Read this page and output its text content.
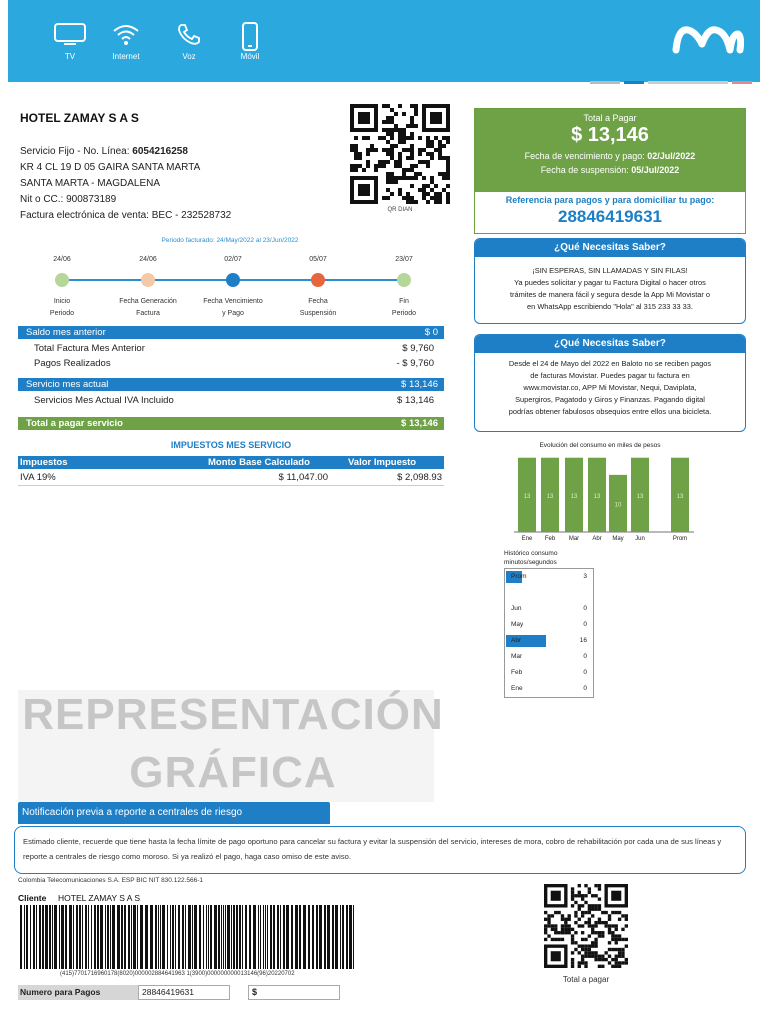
TV	Internet	Voz	Móvil
HOTEL ZAMAY S A S
Servicio Fijo - No. Línea: 6054216258
KR 4 CL 19 D 05 GAIRA SANTA MARTA
SANTA MARTA - MAGDALENA
Nit o CC.: 900873189
Factura electrónica de venta: BEC - 232528732	QR DIAN
Total a Pagar
$ 13,146
Fecha de vencimiento y pago: 02/Jul/2022
Fecha de suspensión: 05/Jul/2022
Referencia para pagos y para domiciliar tu pago:
28846419631
Periodo facturado: 24/May/2022 al 23/Jun/2022
24/06
Inicio
Periodo
24/06
Fecha Generación
Factura
02/07
Fecha Vencimiento
y Pago
05/07
Fecha
Suspensión
23/07
Fin
Periodo
Saldo mes anterior	$ 0
Total Factura Mes Anterior	$ 9,760
Pagos Realizados	- $ 9,760
Servicio mes actual	$ 13,146
Servicios Mes Actual IVA Incluido	$ 13,146
Total a pagar servicio	$ 13,146
IMPUESTOS MES SERVICIO
Impuestos	Monto Base Calculado	Valor Impuesto
IVA 19%	$ 11,047.00	$ 2,098.93
¿Qué Necesitas Saber?
¡SIN ESPERAS, SIN LLAMADAS Y SIN FILAS!
Ya puedes solicitar y pagar tu Factura Digital o hacer otros
trámites de manera fácil y segura desde la App Mi Movistar o
en WhatsApp escribiendo "Hola" al 315 233 33 33.
¿Qué Necesitas Saber?
Desde el 24 de Mayo del 2022 en Baloto no se reciben pagos
de facturas Movistar. Puedes pagar tu factura en
www.movistar.co, APP Mi Movistar, Nequi, Daviplata,
Supergiros, Pagatodo y Giros y Finanzas. Pagando digital
podrías obtener fabulosos obsequios entre ellos una bicicleta.
Evolución del consumo en miles de pesos
13
Ene
13
Feb
13
Mar
13
Abr
10
May
13
Jun
13
Prom
Histórico consumo
minutos/segundos
Prom	3
Jun	0
May	0
Abr	16
Mar	0
Feb	0
Ene	0
REPRESENTACIÓN
GRÁFICA
Notificación previa a reporte a centrales de riesgo
Estimado cliente, recuerde que tiene hasta la fecha límite de pago oportuno para cancelar su factura y evitar la suspensión del servicio, intereses de mora, cobro de rehabilitación por cada una de sus líneas y reporte a centrales de riesgo como moroso. Si ya realizó el pago, haga caso omiso de este aviso.
Colombia Telecomunicaciones S.A. ESP BIC NIT 830.122.566-1
Cliente HOTEL ZAMAY S A S
(415)7701716960178(8020)000002884641963 1(3900)000000000013146(96)20220702
Numero para Pagos	28846419631	$
Total a pagar
